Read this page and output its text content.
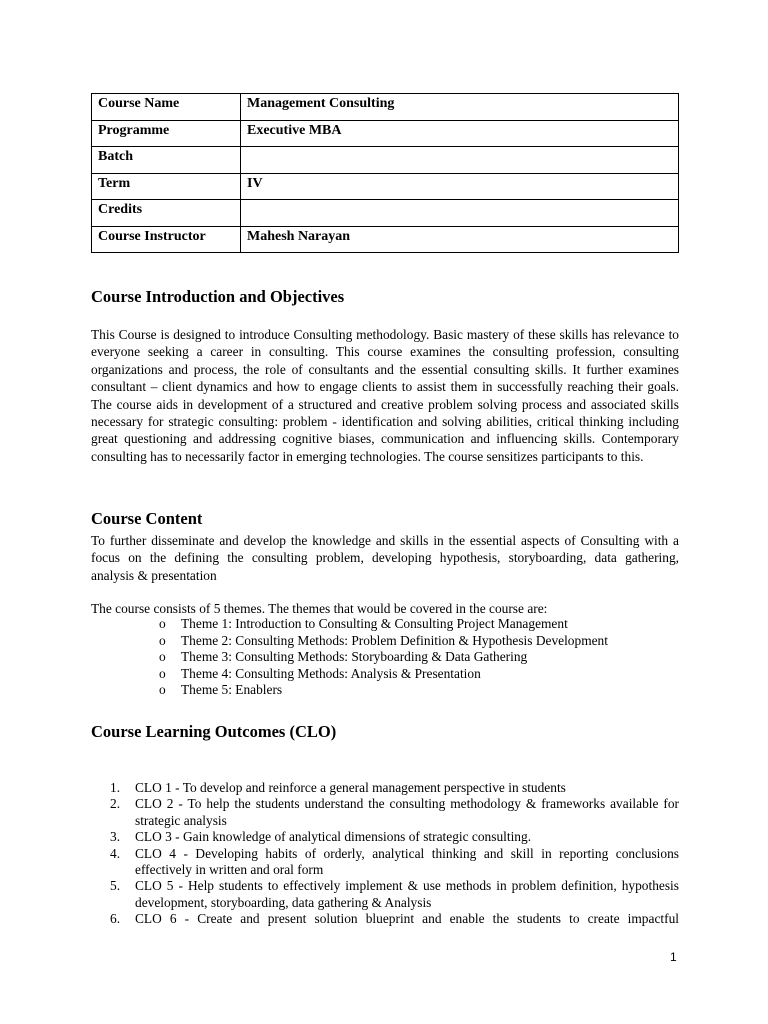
Course Name	Management Consulting
Programme	Executive MBA
Batch	
Term	IV
Credits	
Course Instructor	Mahesh Narayan
Course Introduction and Objectives

This Course is designed to introduce Consulting methodology. Basic mastery of these skills has relevance to
everyone seeking a career in consulting. This course examines the consulting profession, consulting
organizations and process, the role of consultants and the essential consulting skills. It further examines
consultant – client dynamics and how to engage clients to assist them in successfully reaching their goals.
The course aids in development of a structured and creative problem solving process and associated skills
necessary for strategic consulting: problem - identification and solving abilities, critical thinking including
great questioning and addressing cognitive biases, communication and influencing skills. Contemporary
consulting has to necessarily factor in emerging technologies. The course sensitizes participants to this.

Course Content

To further disseminate and develop the knowledge and skills in the essential aspects of Consulting with a
focus on the defining the consulting problem, developing hypothesis, storyboarding, data gathering,
analysis & presentation

The course consists of 5 themes. The themes that would be covered in the course are:

o Theme 1: Introduction to Consulting & Consulting Project Management
o Theme 2: Consulting Methods: Problem Definition & Hypothesis Development
o Theme 3: Consulting Methods: Storyboarding & Data Gathering
o Theme 4: Consulting Methods: Analysis & Presentation
o Theme 5: Enablers
Course Learning Outcomes (CLO)
1. CLO 1 - To develop and reinforce a general management perspective in students
2. CLO 2 - To help the students understand the consulting methodology & frameworks available for
strategic analysis
3. CLO 3 - Gain knowledge of analytical dimensions of strategic consulting.
4. CLO 4 - Developing habits of orderly, analytical thinking and skill in reporting conclusions
effectively in written and oral form
5. CLO 5 - Help students to effectively implement & use methods in problem definition, hypothesis
development, storyboarding, data gathering & Analysis
6. CLO 6 - Create and present solution blueprint and enable the students to create impactful
1
